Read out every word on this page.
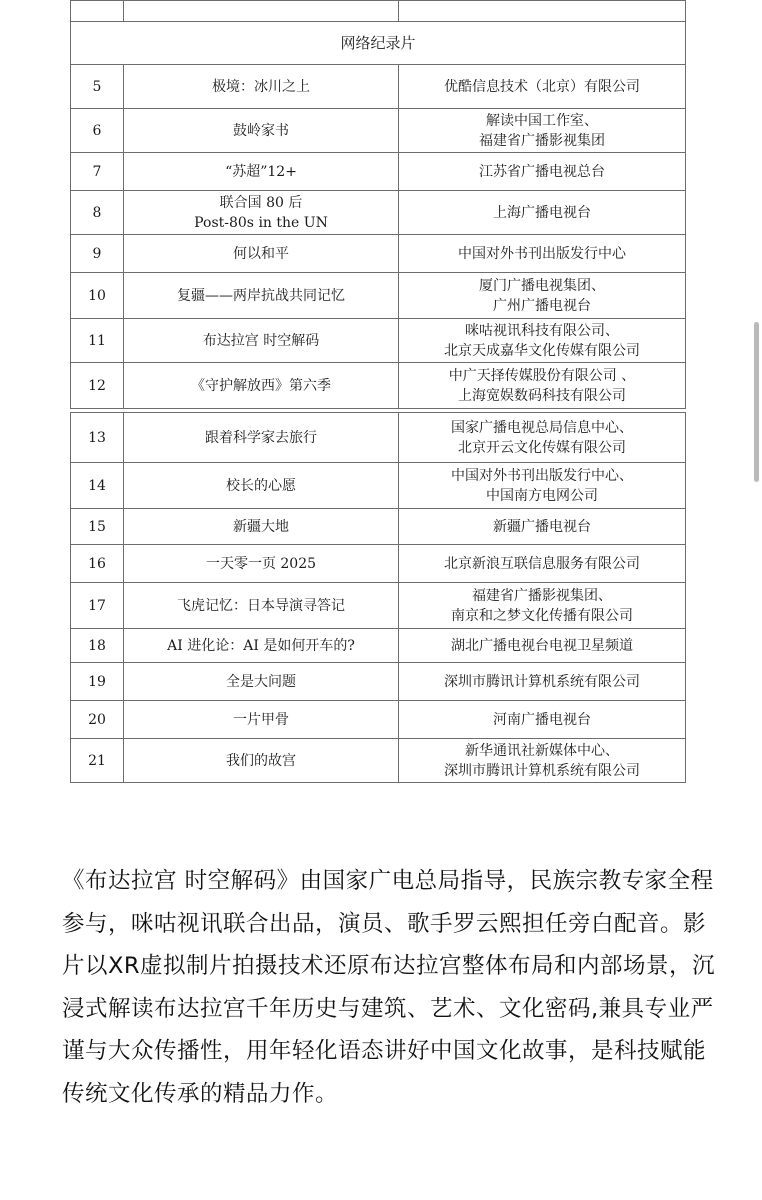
网络纪录片		
5	极境：冰川之上	优酷信息技术（北京）有限公司

6	鼓岭家书	解读中国工作室、
福建省广播影视集团

7	“苏超”12+	江苏省广播电视总台

8	联合国 80 后
Post-80s in the UN	上海广播电视台

9	何以和平	中国对外书刊出版发行中心

10	复疆——两岸抗战共同记忆	厦门广播电视集团、
广州广播电视台

11	布达拉宫 时空解码	咪咕视讯科技有限公司、
北京天成嘉华文化传媒有限公司

12	《守护解放西》第六季	中广天择传媒股份有限公司 、
上海宽娱数码科技有限公司

13	跟着科学家去旅行	国家广播电视总局信息中心、
北京开云文化传媒有限公司

14	校长的心愿	中国对外书刊出版发行中心、
中国南方电网公司

15	新疆大地	新疆广播电视台

16	一天零一页 2025	北京新浪互联信息服务有限公司

17	飞虎记忆：日本导演寻答记	福建省广播影视集团、
南京和之梦文化传播有限公司

18	AI 进化论：AI 是如何开车的?	湖北广播电视台电视卫星频道

19	全是大问题	深圳市腾讯计算机系统有限公司

20	一片甲骨	河南广播电视台

21	我们的故宫	新华通讯社新媒体中心、
深圳市腾讯计算机系统有限公司

《布达拉宫 时空解码》由国家广电总局指导，民族宗教专家全程参与，咪咕视讯联合出品，演员、歌手罗云熙担任旁白配音。影片以XR虚拟制片拍摄技术还原布达拉宫整体布局和内部场景，沉浸式解读布达拉宫千年历史与建筑、艺术、文化密码,兼具专业严谨与大众传播性，用年轻化语态讲好中国文化故事，是科技赋能传统文化传承的精品力作。
